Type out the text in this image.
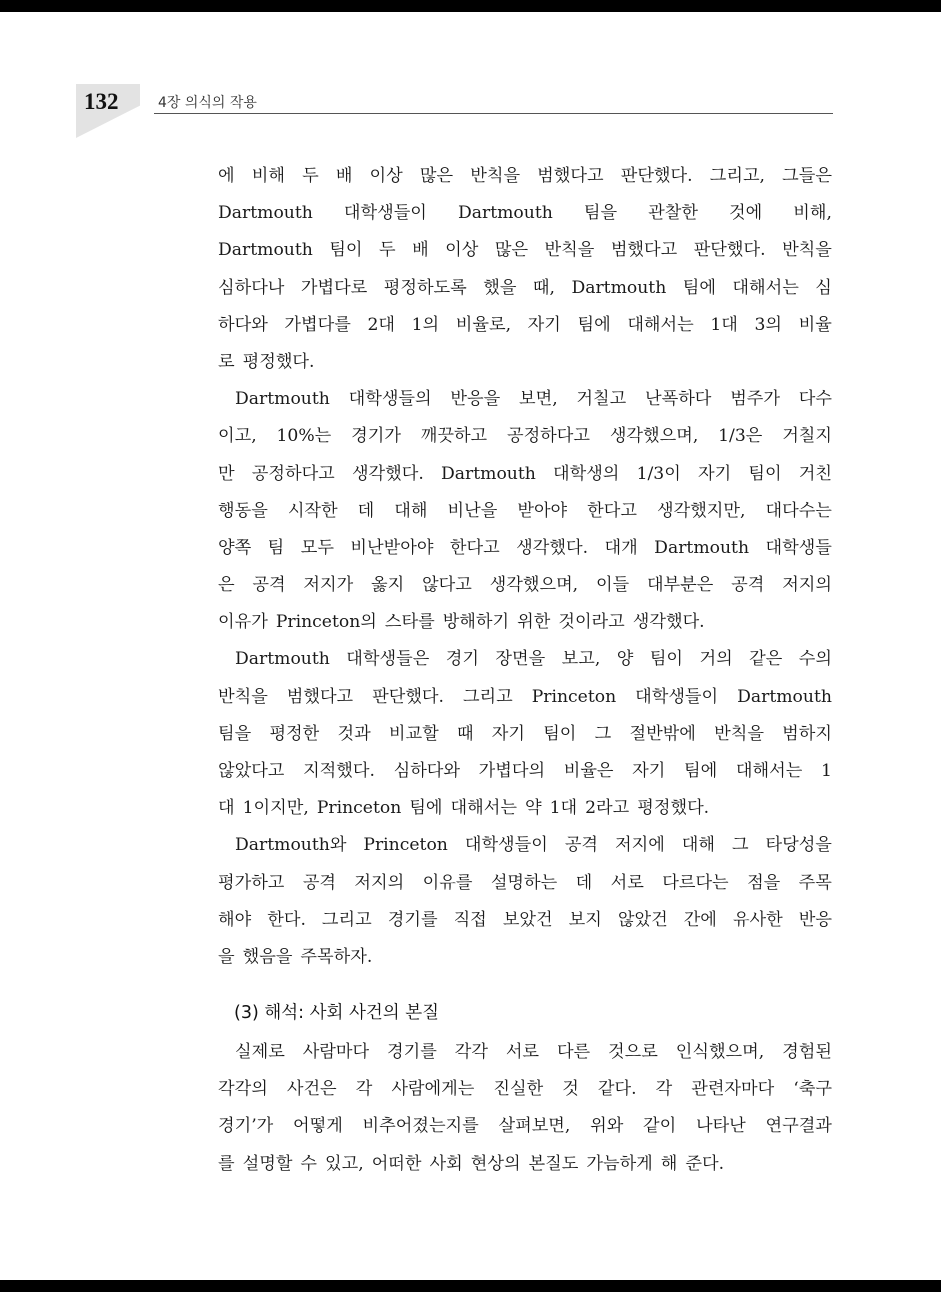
132	4장 의식의 작용
에 비해 두 배 이상 많은 반칙을 범했다고 판단했다. 그리고, 그들은
Dartmouth 대학생들이 Dartmouth 팀을 관찰한 것에 비해,
Dartmouth 팀이 두 배 이상 많은 반칙을 범했다고 판단했다. 반칙을
심하다나 가볍다로 평정하도록 했을 때, Dartmouth 팀에 대해서는 심
하다와 가볍다를 2대 1의 비율로, 자기 팀에 대해서는 1대 3의 비율
로 평정했다.
Dartmouth 대학생들의 반응을 보면, 거칠고 난폭하다 범주가 다수
이고, 10%는 경기가 깨끗하고 공정하다고 생각했으며, 1/3은 거칠지
만 공정하다고 생각했다. Dartmouth 대학생의 1/3이 자기 팀이 거친
행동을 시작한 데 대해 비난을 받아야 한다고 생각했지만, 대다수는
양쪽 팀 모두 비난받아야 한다고 생각했다. 대개 Dartmouth 대학생들
은 공격 저지가 옳지 않다고 생각했으며, 이들 대부분은 공격 저지의
이유가 Princeton의 스타를 방해하기 위한 것이라고 생각했다.
Dartmouth 대학생들은 경기 장면을 보고, 양 팀이 거의 같은 수의
반칙을 범했다고 판단했다. 그리고 Princeton 대학생들이 Dartmouth
팀을 평정한 것과 비교할 때 자기 팀이 그 절반밖에 반칙을 범하지
않았다고 지적했다. 심하다와 가볍다의 비율은 자기 팀에 대해서는 1
대 1이지만, Princeton 팀에 대해서는 약 1대 2라고 평정했다.
Dartmouth와 Princeton 대학생들이 공격 저지에 대해 그 타당성을
평가하고 공격 저지의 이유를 설명하는 데 서로 다르다는 점을 주목
해야 한다. 그리고 경기를 직접 보았건 보지 않았건 간에 유사한 반응
을 했음을 주목하자.
(3) 해석: 사회 사건의 본질
실제로 사람마다 경기를 각각 서로 다른 것으로 인식했으며, 경험된
각각의 사건은 각 사람에게는 진실한 것 같다. 각 관련자마다 ‘축구
경기’가 어떻게 비추어졌는지를 살펴보면, 위와 같이 나타난 연구결과
를 설명할 수 있고, 어떠한 사회 현상의 본질도 가늠하게 해 준다.
